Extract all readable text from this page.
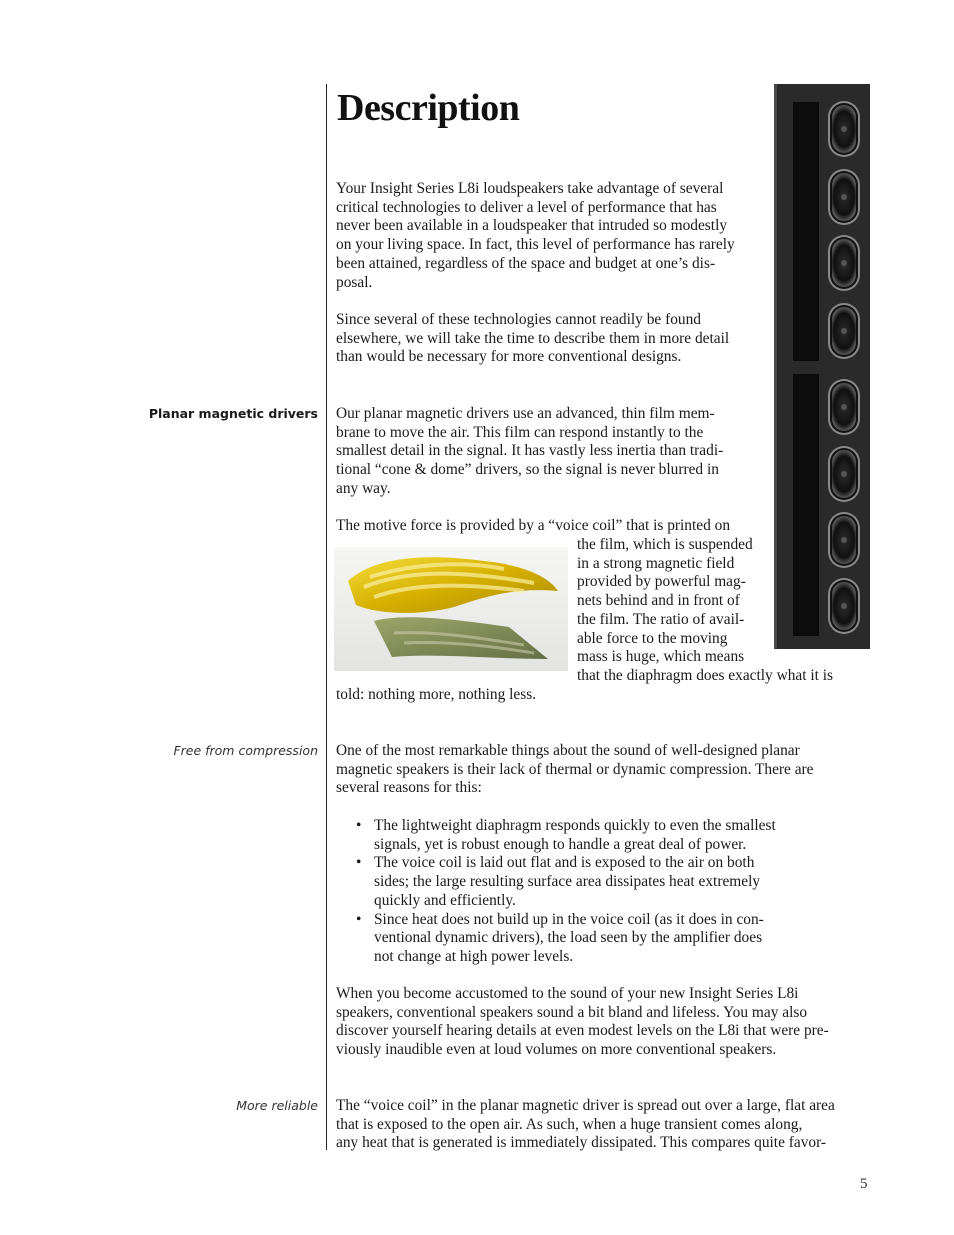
Description
Your Insight Series L8i loudspeakers take advantage of several
critical technologies to deliver a level of performance that has
never been available in a loudspeaker that intruded so modestly
on your living space. In fact, this level of performance has rarely
been attained, regardless of the space and budget at one’s dis-
posal.
Since several of these technologies cannot readily be found
elsewhere, we will take the time to describe them in more detail
than would be necessary for more conventional designs.
Planar magnetic drivers Our planar magnetic drivers use an advanced, thin film mem-
brane to move the air. This film can respond instantly to the
smallest detail in the signal. It has vastly less inertia than tradi-
tional “cone & dome” drivers, so the signal is never blurred in
any way.
The motive force is provided by a “voice coil” that is printed on
the film, which is suspended
in a strong magnetic field
provided by powerful mag-
nets behind and in front of
the film. The ratio of avail-
able force to the moving
mass is huge, which means
that the diaphragm does exactly what it is
told: nothing more, nothing less.
Free from compression One of the most remarkable things about the sound of well-designed planar
magnetic speakers is their lack of thermal or dynamic compression. There are
several reasons for this:
• The lightweight diaphragm responds quickly to even the smallest
signals, yet is robust enough to handle a great deal of power.
• The voice coil is laid out flat and is exposed to the air on both
sides; the large resulting surface area dissipates heat extremely
quickly and efficiently.
• Since heat does not build up in the voice coil (as it does in con-
ventional dynamic drivers), the load seen by the amplifier does
not change at high power levels.
When you become accustomed to the sound of your new Insight Series L8i
speakers, conventional speakers sound a bit bland and lifeless. You may also
discover yourself hearing details at even modest levels on the L8i that were pre-
viously inaudible even at loud volumes on more conventional speakers.
More reliable The “voice coil” in the planar magnetic driver is spread out over a large, flat area
that is exposed to the open air. As such, when a huge transient comes along,
any heat that is generated is immediately dissipated. This compares quite favor-
5
